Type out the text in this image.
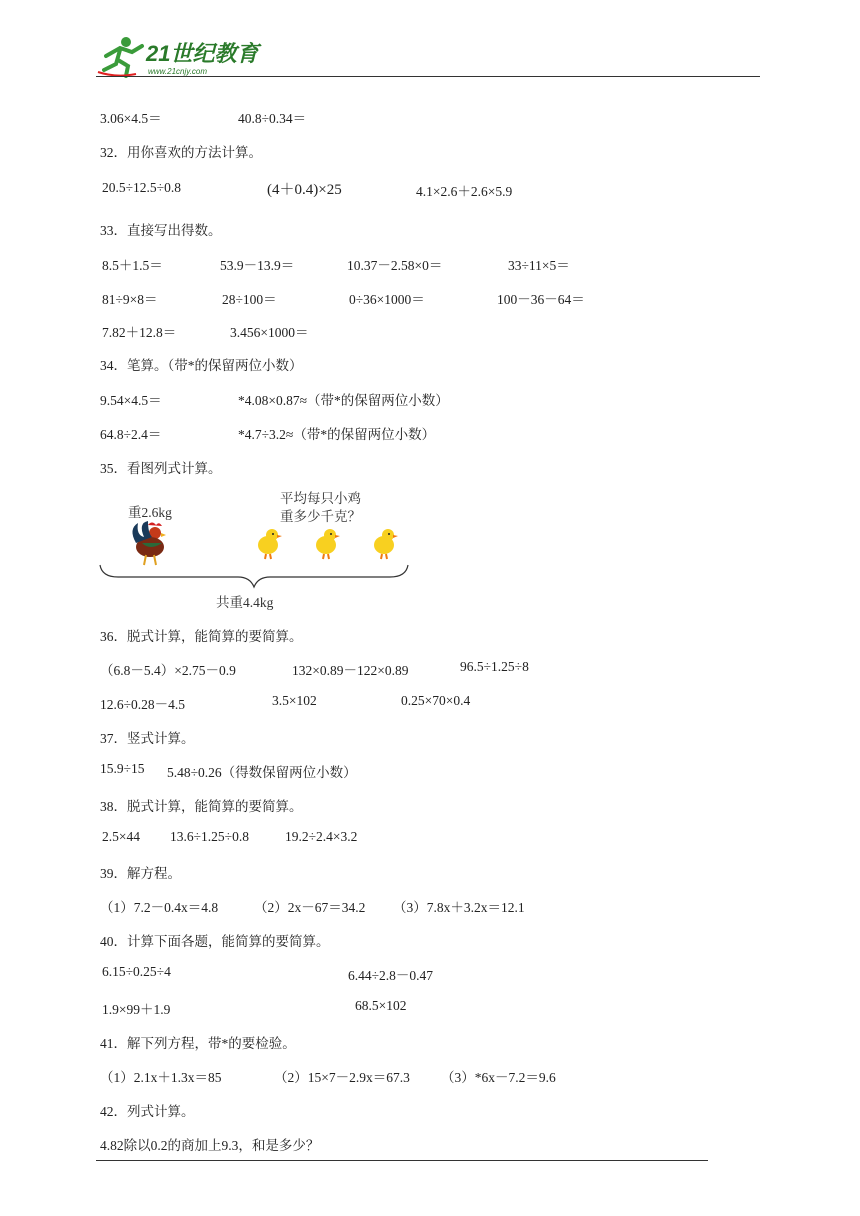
21世纪教育
www.21cnjy.com
3.06×4.5＝	40.8÷0.34＝
32．用你喜欢的方法计算。
20.5÷12.5÷0.8	(4＋0.4)×25	4.1×2.6＋2.6×5.9
33．直接写出得数。
8.5＋1.5＝	53.9－13.9＝	10.37－2.58×0＝	33÷11×5＝
81÷9×8＝	28÷100＝	0÷36×1000＝	100－36－64＝
7.82＋12.8＝	3.456×1000＝
34．笔算。（带*的保留两位小数）
9.54×4.5＝	*4.08×0.87≈（带*的保留两位小数）
64.8÷2.4＝	*4.7÷3.2≈（带*的保留两位小数）
35．看图列式计算。
重2.6kg
平均每只小鸡
重多少千克？
共重4.4kg
36．脱式计算，能简算的要简算。
（6.8－5.4）×2.75－0.9	132×0.89－122×0.89	96.5÷1.25÷8
12.6÷0.28－4.5	3.5×102	0.25×70×0.4
37．竖式计算。
15.9÷15 5.48÷0.26（得数保留两位小数）
38．脱式计算，能简算的要简算。
2.5×44 13.6÷1.25÷0.8	19.2÷2.4×3.2
39．解方程。
（1）7.2－0.4x＝4.8	（2）2x－67＝34.2 （3）7.8x＋3.2x＝12.1
40．计算下面各题，能简算的要简算。
6.15÷0.25÷4	6.44÷2.8－0.47
1.9×99＋1.9	68.5×102
41．解下列方程，带*的要检验。
（1）2.1x＋1.3x＝85	（2）15×7－2.9x＝67.3 （3）*6x－7.2＝9.6
42．列式计算。
4.82除以0.2的商加上9.3，和是多少？
